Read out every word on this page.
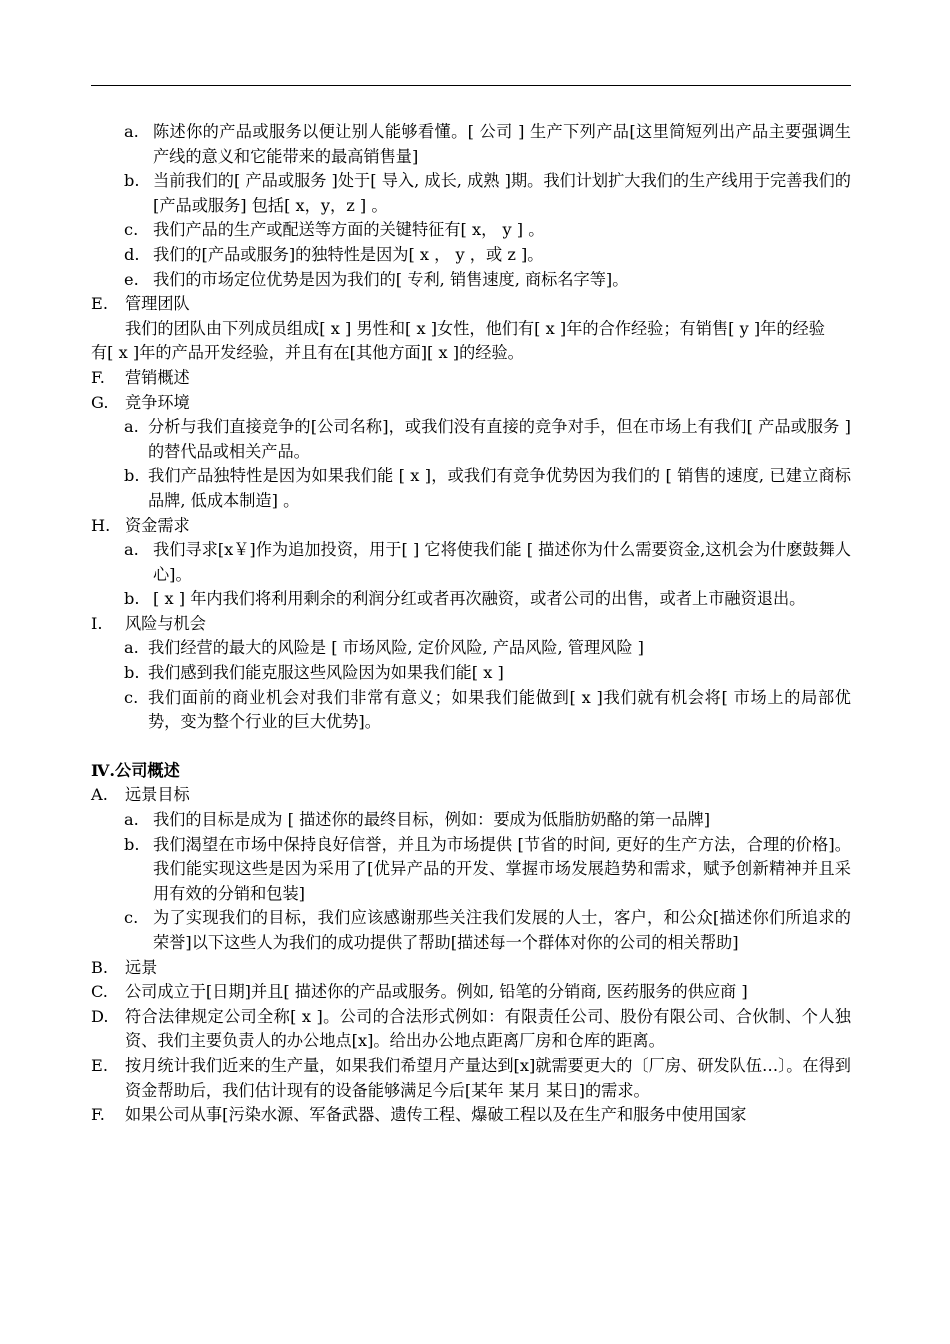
a. 陈述你的产品或服务以便让别人能够看懂。[ 公司 ] 生产下列产品[这里简短列出产品主要强调生产线的意义和它能带来的最高销售量]
b. 当前我们的[ 产品或服务 ]处于[ 导入, 成长, 成熟 ]期。我们计划扩大我们的生产线用于完善我们的[产品或服务] 包括[ x，y，z ] 。
c. 我们产品的生产或配送等方面的关键特征有[ x， y ] 。
d. 我们的[产品或服务]的独特性是因为[ x ， y ，或 z ]。
e. 我们的市场定位优势是因为我们的[ 专利, 销售速度, 商标名字等]。
E. 管理团队
我们的团队由下列成员组成[ x ] 男性和[ x ]女性，他们有[ x ]年的合作经验；有销售[ y ]年的经验
有[ x ]年的产品开发经验，并且有在[其他方面][ x ]的经验。
F. 营销概述
G. 竞争环境
a. 分析与我们直接竞争的[公司名称]，或我们没有直接的竞争对手，但在市场上有我们[ 产品或服务 ]的替代品或相关产品。
b. 我们产品独特性是因为如果我们能 [ x ]，或我们有竞争优势因为我们的 [ 销售的速度, 已建立商标品牌, 低成本制造] 。
H. 资金需求
a. 我们寻求[x￥]作为追加投资，用于[ ] 它将使我们能 [ 描述你为什么需要资金,这机会为什麽鼓舞人心]。
b. [ x ] 年内我们将利用剩余的利润分红或者再次融资，或者公司的出售，或者上市融资退出。
I. 风险与机会
a. 我们经营的最大的风险是 [ 市场风险, 定价风险, 产品风险, 管理风险 ]
b. 我们感到我们能克服这些风险因为如果我们能[ x ]
c. 我们面前的商业机会对我们非常有意义；如果我们能做到[ x ]我们就有机会将[ 市场上的局部优势，变为整个行业的巨大优势]。
Ⅳ.公司概述
A. 远景目标
a. 我们的目标是成为 [ 描述你的最终目标，例如：要成为低脂肪奶酪的第一品牌]
b. 我们渴望在市场中保持良好信誉，并且为市场提供 [节省的时间, 更好的生产方法，合理的价格]。我们能实现这些是因为采用了[优异产品的开发、掌握市场发展趋势和需求，赋予创新精神并且采用有效的分销和包装]
c. 为了实现我们的目标，我们应该感谢那些关注我们发展的人士，客户，和公众[描述你们所追求的荣誉]以下这些人为我们的成功提供了帮助[描述每一个群体对你的公司的相关帮助]
B. 远景
C. 公司成立于[日期]并且[ 描述你的产品或服务。例如, 铅笔的分销商, 医药服务的供应商 ]
D. 符合法律规定公司全称[ x ]。公司的合法形式例如：有限责任公司、股份有限公司、合伙制、个人独资、我们主要负责人的办公地点[x]。给出办公地点距离厂房和仓库的距离。
E. 按月统计我们近来的生产量，如果我们希望月产量达到[x]就需要更大的〔厂房、研发队伍…〕。在得到资金帮助后，我们估计现有的设备能够满足今后[某年 某月 某日]的需求。
F. 如果公司从事[污染水源、军备武器、遗传工程、爆破工程以及在生产和服务中使用国家
